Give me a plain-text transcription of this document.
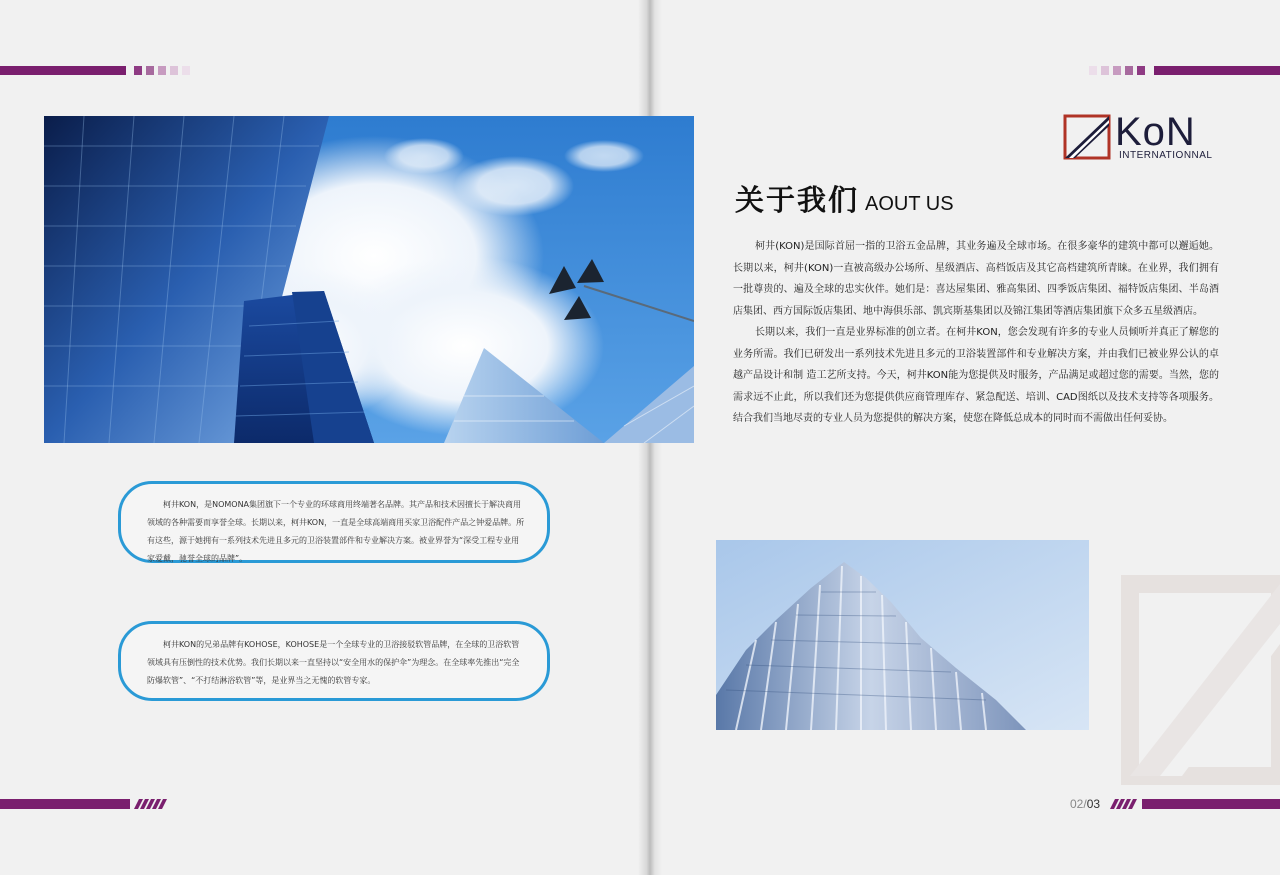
柯井KON，是NOMONA集团旗下一个专业的环球商用终端著名品牌。其产品和技术因擅长于解决商用领域的各种需要而享誉全球。长期以来，柯井KON，一直是全球高端商用买家卫浴配件产品之钟爱品牌。所有这些，源于她拥有一系列技术先进且多元的卫浴装置部件和专业解决方案。被业界誉为“深受工程专业用家爱戴，驰誉全球的品牌”。

柯井KON的兄弟品牌有KOHOSE，KOHOSE是一个全球专业的卫浴接驳软管品牌，在全球的卫浴软管领域具有压倒性的技术优势。我们长期以来一直坚持以“安全用水的保护伞”为理念。在全球率先推出“完全防爆软管”、“不打结淋浴软管”等，是业界当之无愧的软管专家。

KoN
INTERNATIONNAL
关于我们 AOUT US

柯井(KON)是国际首屈一指的卫浴五金品牌，其业务遍及全球市场。在很多豪华的建筑中都可以邂逅她。长期以来，柯井(KON)一直被高级办公场所、星级酒店、高档饭店及其它高档建筑所青睐。在业界，我们拥有一批尊贵的、遍及全球的忠实伙伴。她们是：喜达屋集团、雅高集团、四季饭店集团、福特饭店集团、半岛酒店集团、西方国际饭店集团、地中海俱乐部、凯宾斯基集团以及锦江集团等酒店集团旗下众多五星级酒店。

长期以来，我们一直是业界标准的创立者。在柯井KON，您会发现有许多的专业人员倾听并真正了解您的业务所需。我们已研发出一系列技术先进且多元的卫浴装置部件和专业解决方案，并由我们已被业界公认的卓越产品设计和制 造工艺所支持。今天，柯井KON能为您提供及时服务，产品满足或超过您的需要。当然，您的需求远不止此，所以我们还为您提供供应商管理库存、紧急配送、培训、CAD图纸以及技术支持等各项服务。结合我们当地尽责的专业人员为您提供的解决方案，使您在降低总成本的同时而不需做出任何妥协。

02/03
